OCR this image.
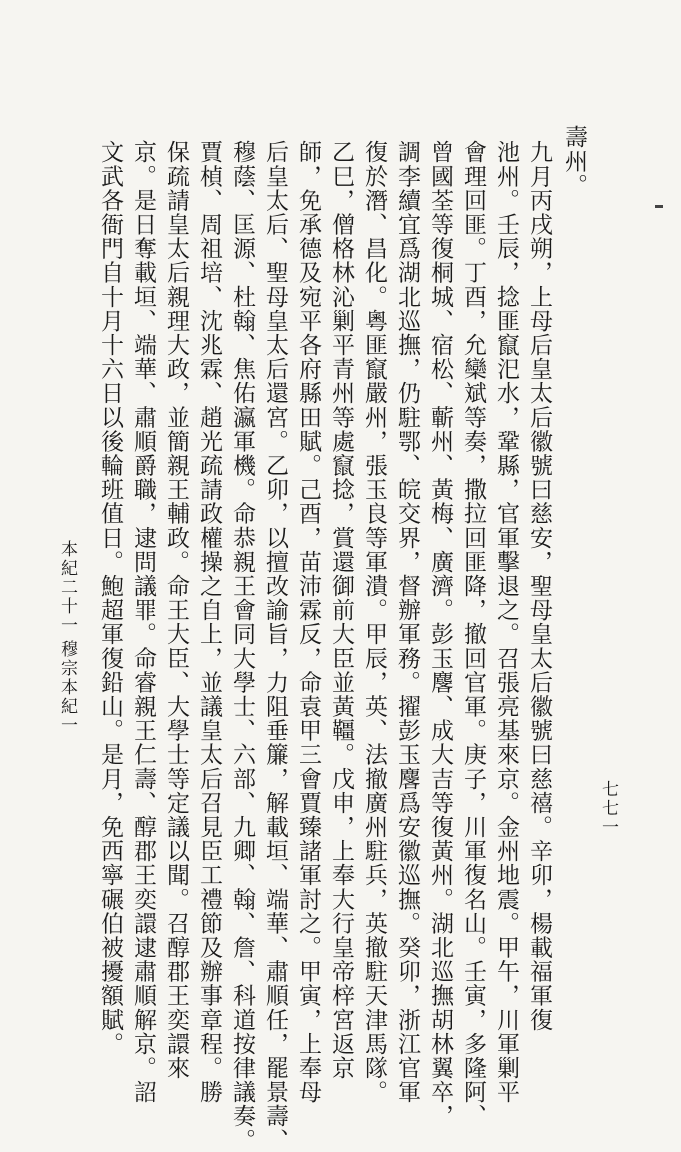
壽州。
九月丙戌朔，上母后皇太后徽號曰慈安，聖母皇太后徽號曰慈禧。辛卯，楊載福軍復
池州。壬辰，捻匪竄汜水，鞏縣，官軍擊退之。召張亮基來京。金州地震。甲午，川軍剿平
會理回匪。丁酉，允欒斌等奏，撒拉回匪降，撤回官軍。庚子，川軍復名山。壬寅，多隆阿、
曾國荃等復桐城、宿松、蘄州、黃梅、廣濟。彭玉麐、成大吉等復黃州。湖北巡撫胡林翼卒，
調李續宜爲湖北巡撫，仍駐鄂、皖交界，督辦軍務。擢彭玉麐爲安徽巡撫。癸卯，浙江官軍
復於潛、昌化。粵匪竄嚴州，張玉良等軍潰。甲辰，英、法撤廣州駐兵，英撤駐天津馬隊。
乙巳，僧格林沁剿平青州等處竄捻，賞還御前大臣並黃韁。戊申，上奉大行皇帝梓宮返京
師，免承德及宛平各府縣田賦。己酉，苗沛霖反，命袁甲三會賈臻諸軍討之。甲寅，上奉母
后皇太后、聖母皇太后還宮。乙卯，以擅改諭旨，力阻垂簾，解載垣、端華、肅順任，罷景壽、
穆蔭、匡源、杜翰、焦佑瀛軍機。命恭親王會同大學士、六部、九卿、翰、詹、科道按律議奏。
賈楨、周祖培、沈兆霖、趙光疏請政權操之自上，並議皇太后召見臣工禮節及辦事章程。勝
保疏請皇太后親理大政，並簡親王輔政。命王大臣、大學士等定議以聞。召醇郡王奕譞來
京。是日奪載垣、端華、肅順爵職，逮問議罪。命睿親王仁壽、醇郡王奕譞逮肅順解京。詔
文武各衙門自十月十六日以後輪班值日。鮑超軍復鉛山。是月，免西寧碾伯被擾額賦。
本紀二十一
穆宗本紀一
七七一
